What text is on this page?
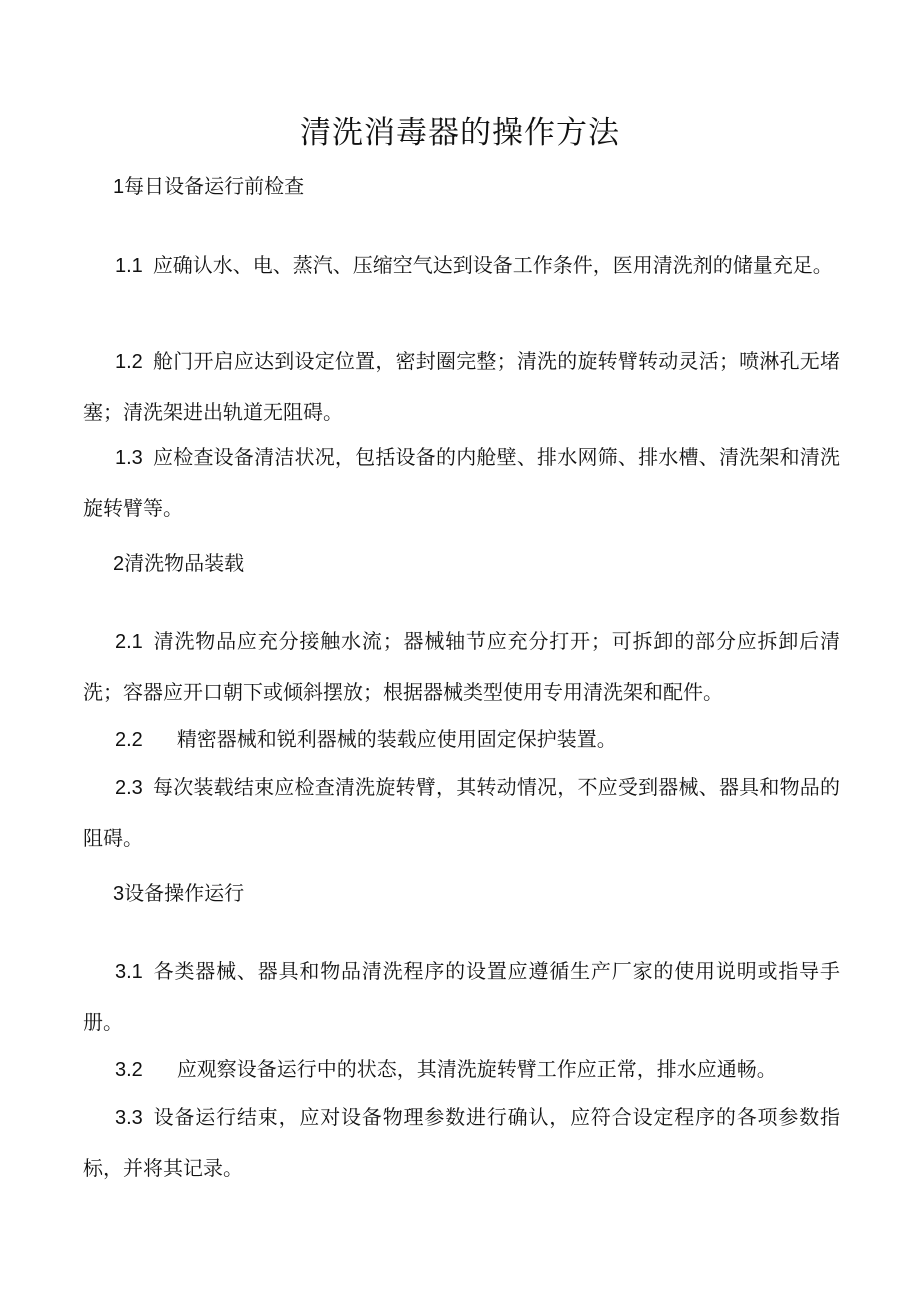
清洗消毒器的操作方法
1每日设备运行前检查
1.1 应确认水、电、蒸汽、压缩空气达到设备工作条件，医用清洗剂的储量充足。
1.2 舱门开启应达到设定位置，密封圈完整；清洗的旋转臂转动灵活；喷淋孔无堵塞；清洗架进出轨道无阻碍。
1.3 应检查设备清洁状况，包括设备的内舱壁、排水网筛、排水槽、清洗架和清洗旋转臂等。
2清洗物品装载
2.1 清洗物品应充分接触水流；器械轴节应充分打开；可拆卸的部分应拆卸后清洗；容器应开口朝下或倾斜摆放；根据器械类型使用专用清洗架和配件。
2.2 精密器械和锐利器械的装载应使用固定保护装置。
2.3 每次装载结束应检查清洗旋转臂，其转动情况，不应受到器械、器具和物品的阻碍。
3设备操作运行
3.1 各类器械、器具和物品清洗程序的设置应遵循生产厂家的使用说明或指导手册。
3.2 应观察设备运行中的状态，其清洗旋转臂工作应正常，排水应通畅。
3.3 设备运行结束，应对设备物理参数进行确认，应符合设定程序的各项参数指标，并将其记录。
